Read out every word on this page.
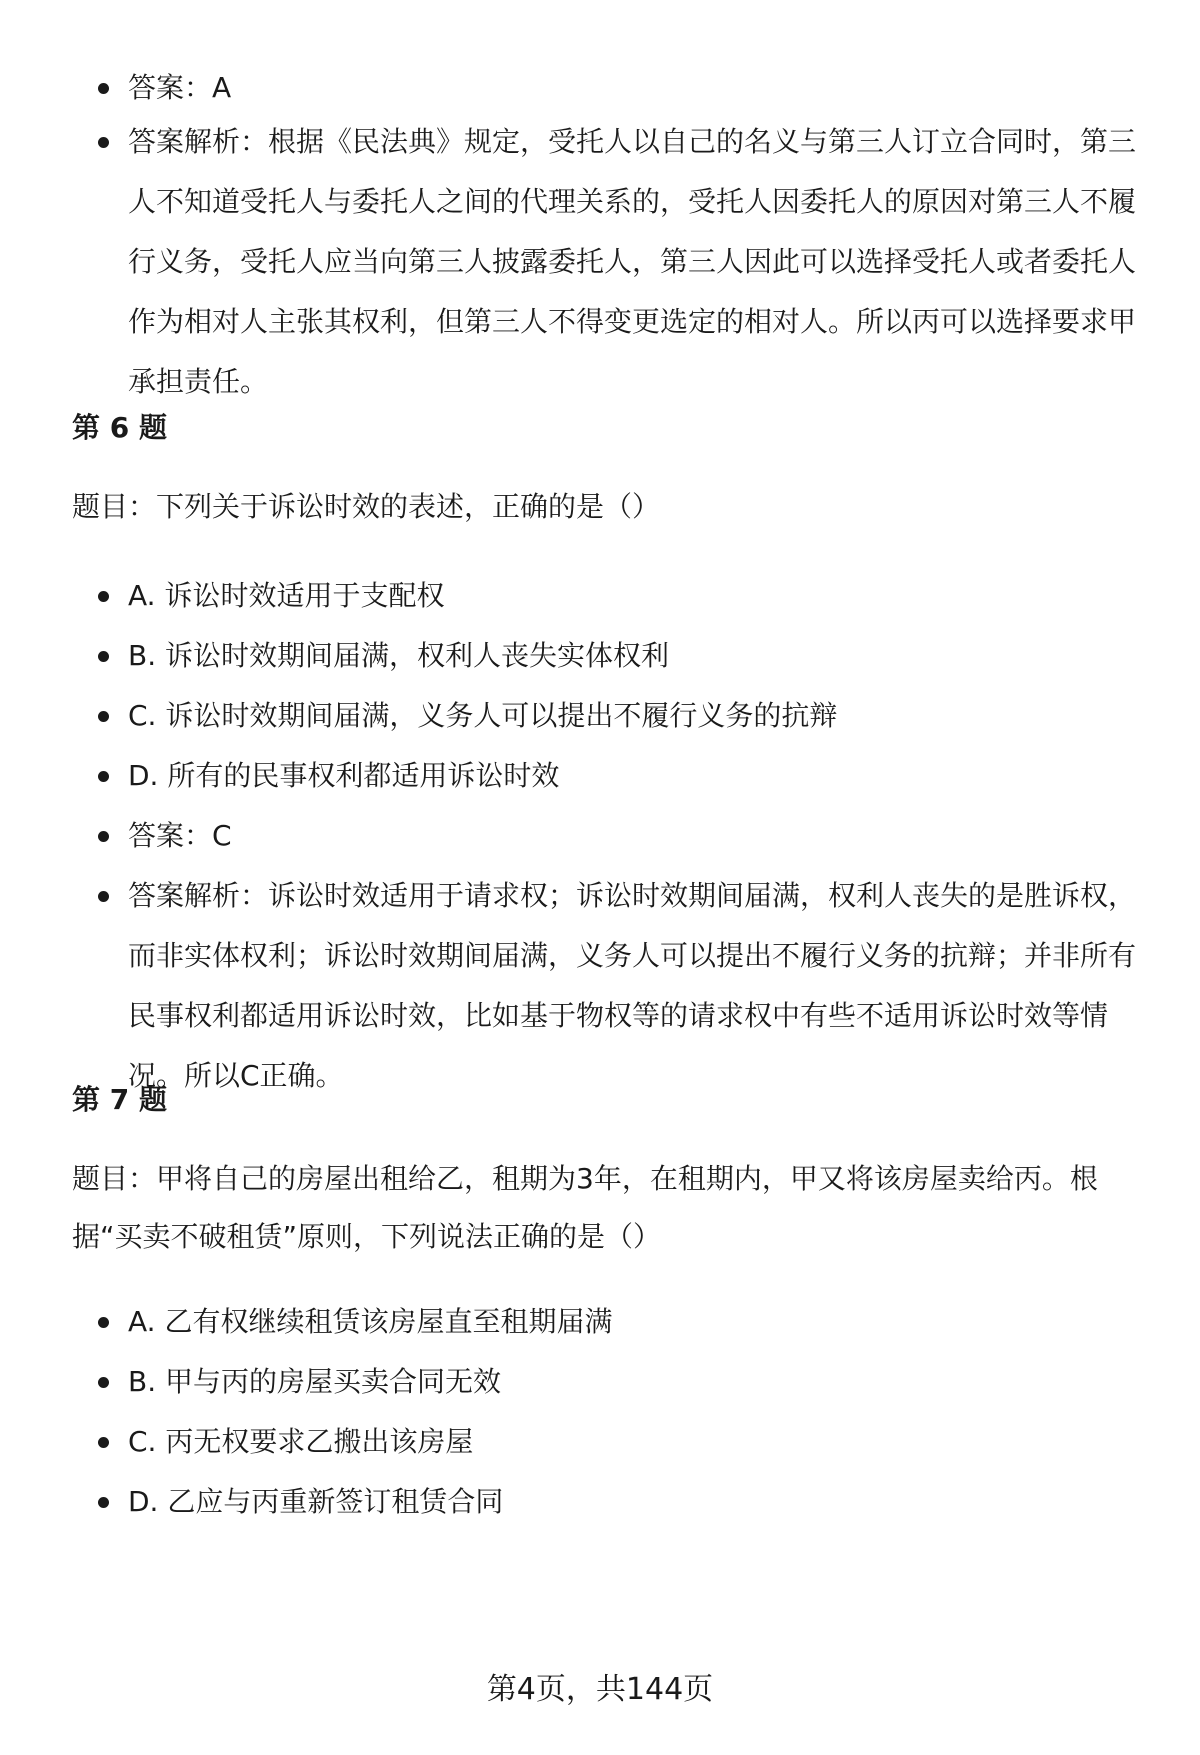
答案：A
答案解析：根据《民法典》规定，受托人以自己的名义与第三人订立合同时，第三人不知道受托人与委托人之间的代理关系的，受托人因委托人的原因对第三人不履行义务，受托人应当向第三人披露委托人，第三人因此可以选择受托人或者委托人作为相对人主张其权利，但第三人不得变更选定的相对人。所以丙可以选择要求甲承担责任。
第 6 题
题目：下列关于诉讼时效的表述，正确的是（）
A. 诉讼时效适用于支配权
B. 诉讼时效期间届满，权利人丧失实体权利
C. 诉讼时效期间届满，义务人可以提出不履行义务的抗辩
D. 所有的民事权利都适用诉讼时效
答案：C
答案解析：诉讼时效适用于请求权；诉讼时效期间届满，权利人丧失的是胜诉权，而非实体权利；诉讼时效期间届满，义务人可以提出不履行义务的抗辩；并非所有民事权利都适用诉讼时效，比如基于物权等的请求权中有些不适用诉讼时效等情况。所以C正确。
第 7 题
题目：甲将自己的房屋出租给乙，租期为3年，在租期内，甲又将该房屋卖给丙。根据“买卖不破租赁”原则，下列说法正确的是（）
A. 乙有权继续租赁该房屋直至租期届满
B. 甲与丙的房屋买卖合同无效
C. 丙无权要求乙搬出该房屋
D. 乙应与丙重新签订租赁合同
第4页，共144页
